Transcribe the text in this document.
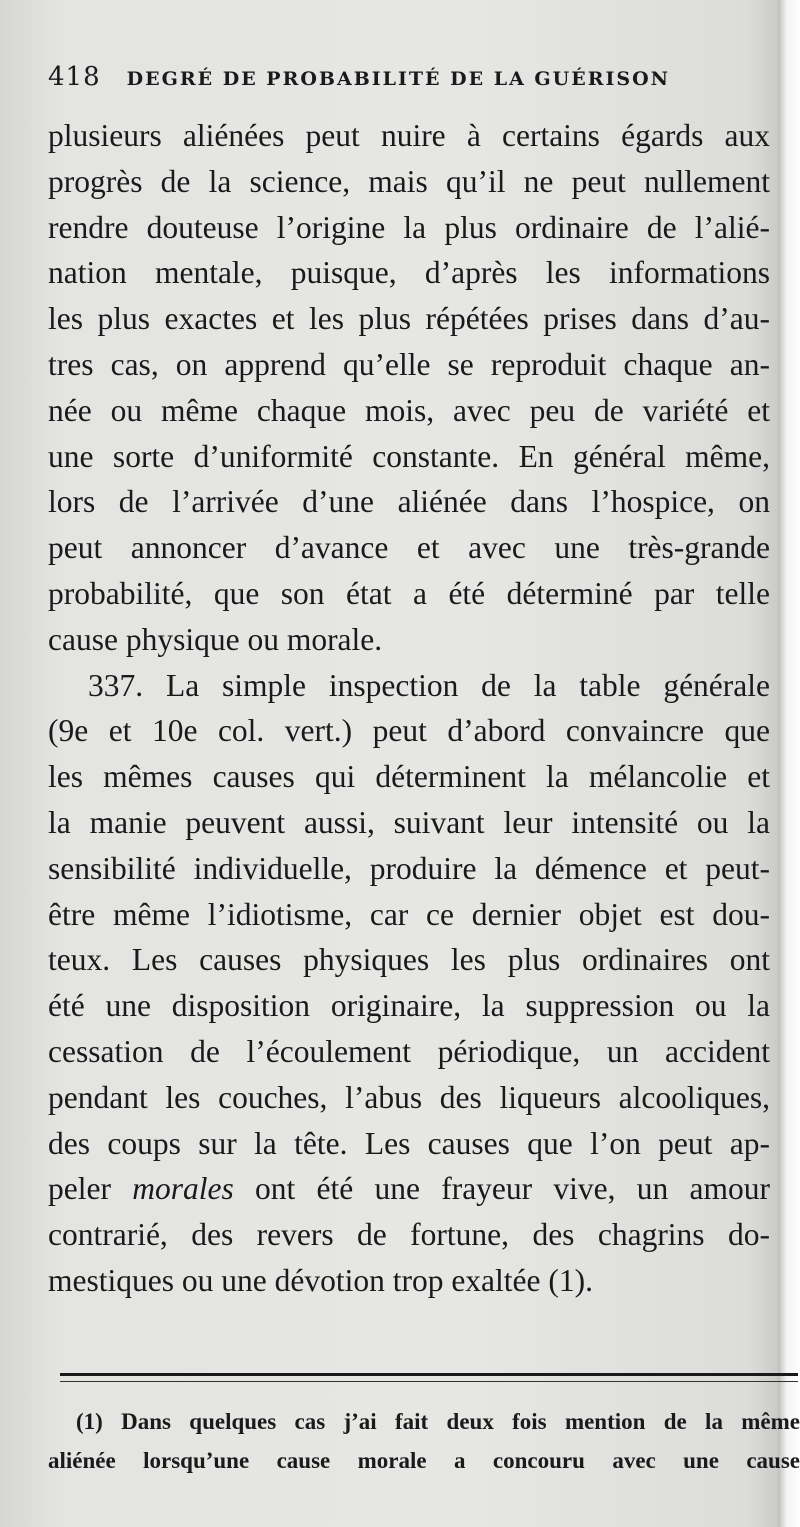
418 DEGRÉ DE PROBABILITÉ DE LA GUÉRISON
plusieurs aliénées peut nuire à certains égards aux
progrès de la science, mais qu’il ne peut nullement
rendre douteuse l’origine la plus ordinaire de l’alié-
nation mentale, puisque, d’après les informations
les plus exactes et les plus répétées prises dans d’au-
tres cas, on apprend qu’elle se reproduit chaque an-
née ou même chaque mois, avec peu de variété et
une sorte d’uniformité constante. En général même,
lors de l’arrivée d’une aliénée dans l’hospice, on
peut annoncer d’avance et avec une très-grande
probabilité, que son état a été déterminé par telle
cause physique ou morale.
337. La simple inspection de la table générale
(9e et 10e col. vert.) peut d’abord convaincre que
les mêmes causes qui déterminent la mélancolie et
la manie peuvent aussi, suivant leur intensité ou la
sensibilité individuelle, produire la démence et peut-
être même l’idiotisme, car ce dernier objet est dou-
teux. Les causes physiques les plus ordinaires ont
été une disposition originaire, la suppression ou la
cessation de l’écoulement périodique, un accident
pendant les couches, l’abus des liqueurs alcooliques,
des coups sur la tête. Les causes que l’on peut ap-
peler morales ont été une frayeur vive, un amour
contrarié, des revers de fortune, des chagrins do-
mestiques ou une dévotion trop exaltée (1).
(1) Dans quelques cas j’ai fait deux fois mention de la même
aliénée lorsqu’une cause morale a concouru avec une cause
